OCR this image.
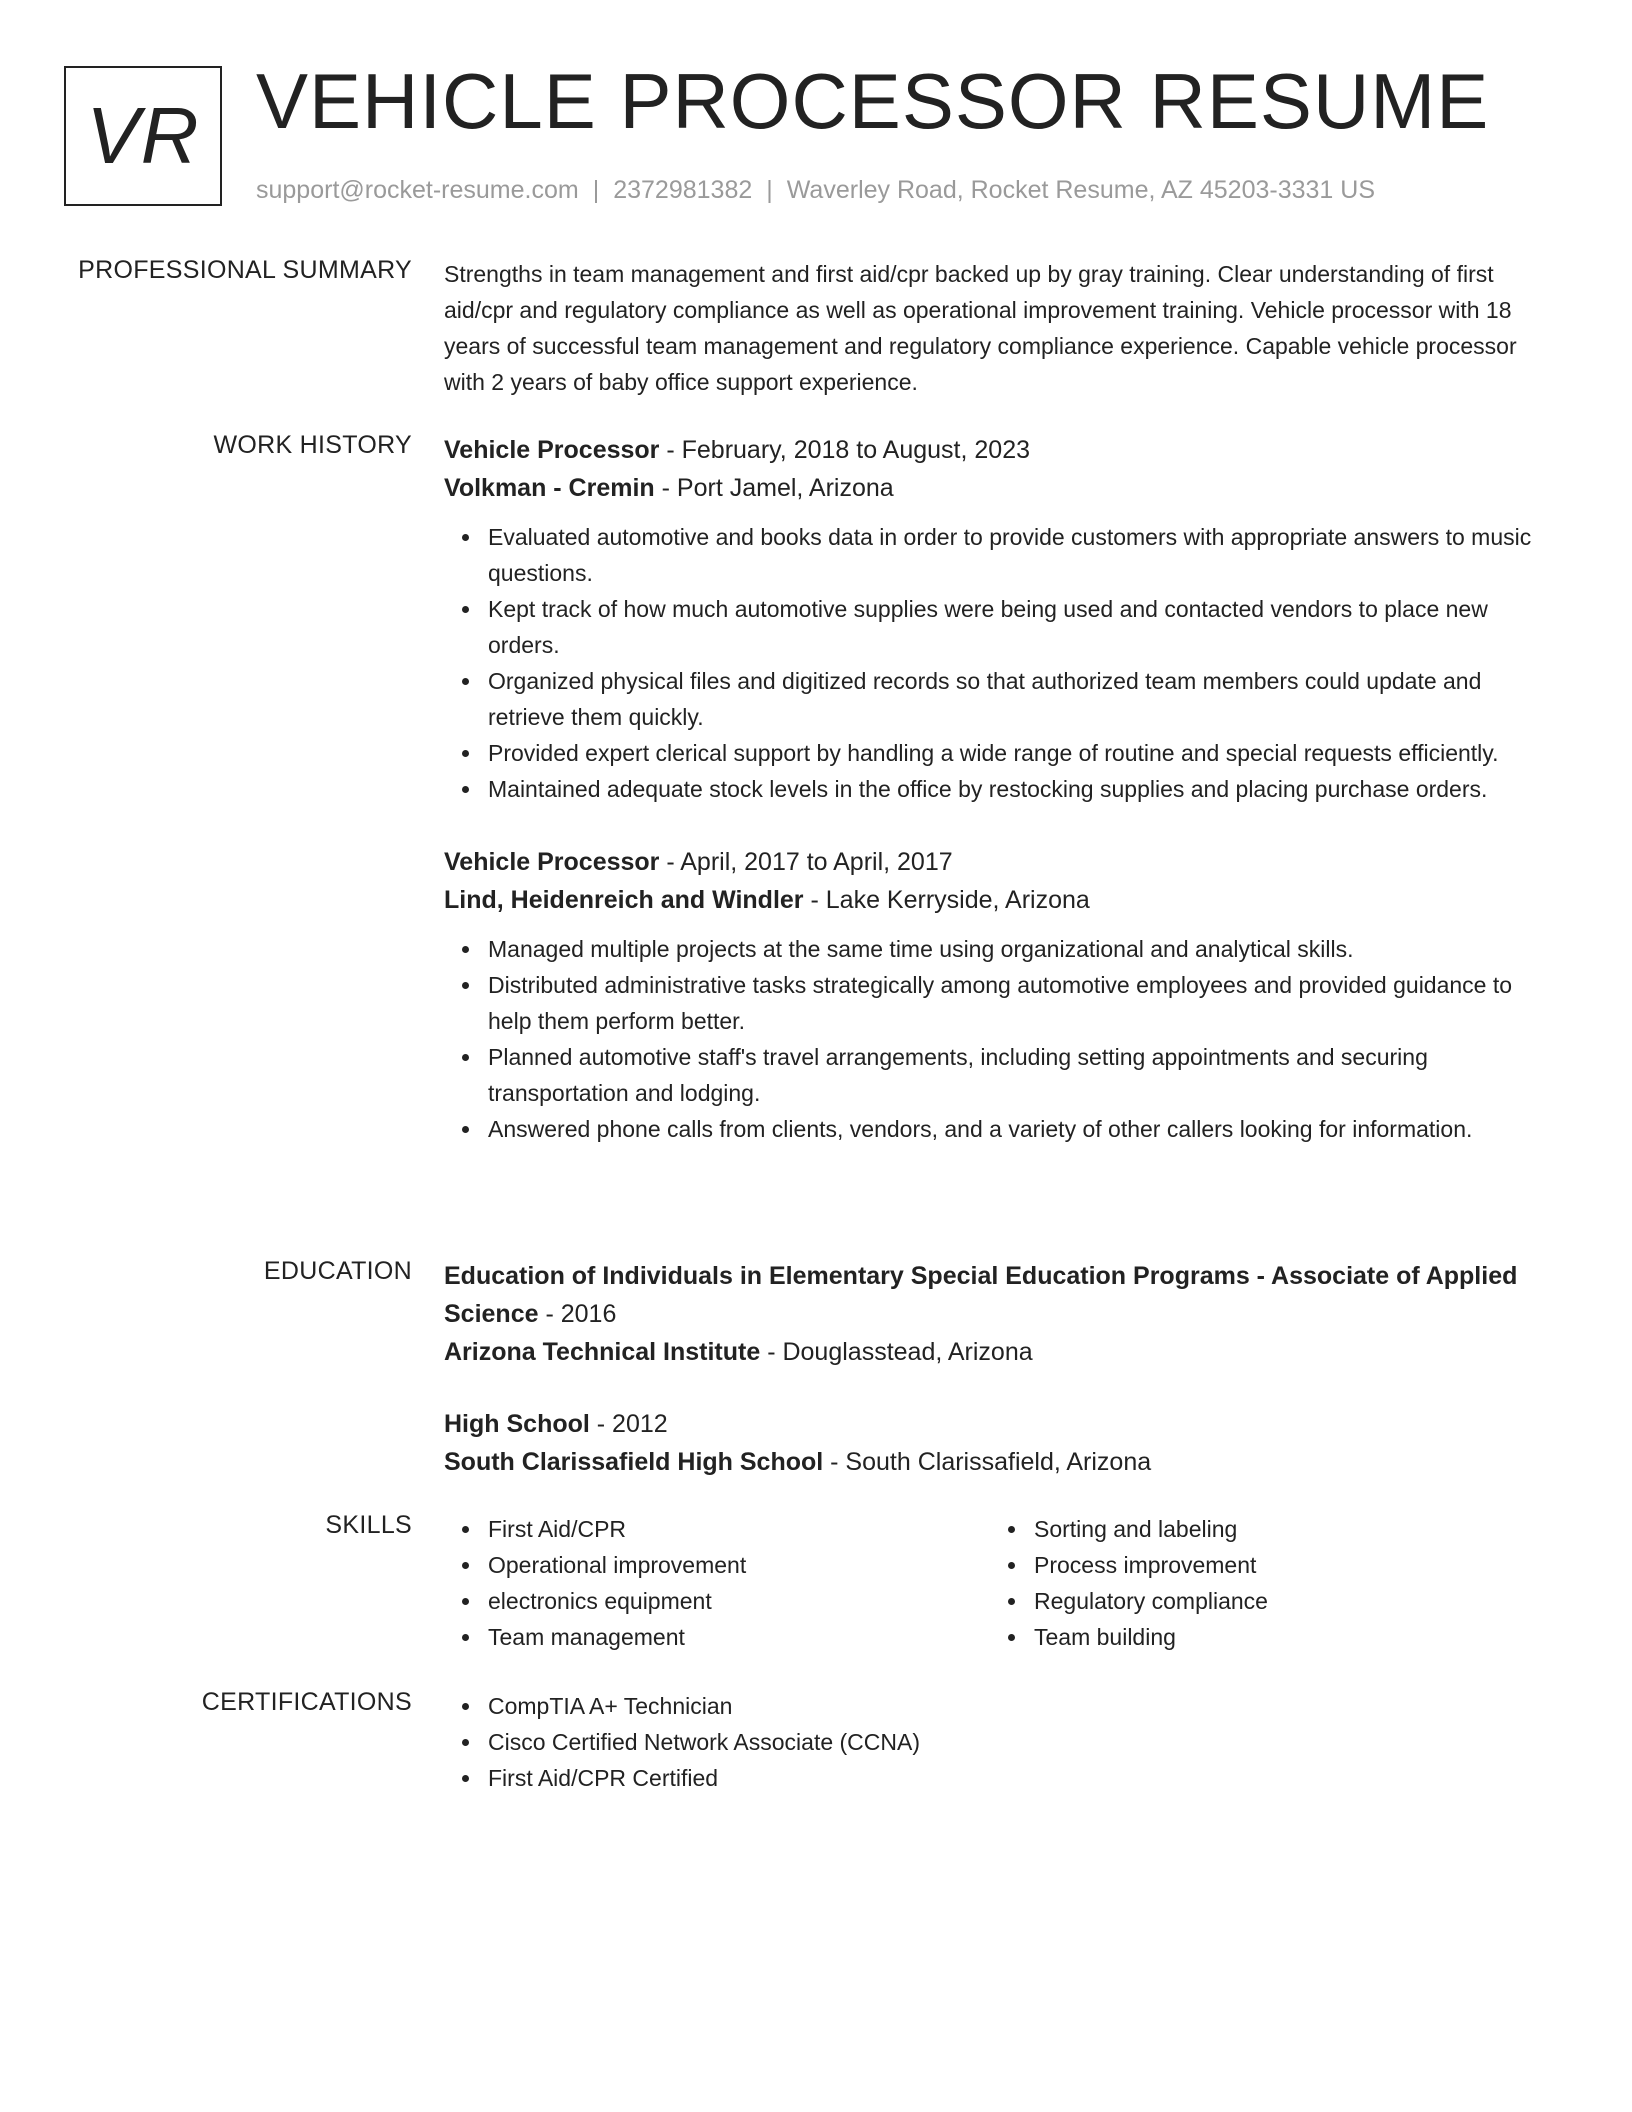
VR VEHICLE PROCESSOR RESUME
support@rocket-resume.com | 2372981382 | Waverley Road, Rocket Resume, AZ 45203-3331 US
PROFESSIONAL SUMMARY Strengths in team management and first aid/cpr backed up by gray training. Clear understanding of first aid/cpr and regulatory compliance as well as operational improvement training. Vehicle processor with 18 years of successful team management and regulatory compliance experience. Capable vehicle processor with 2 years of baby office support experience.

WORK HISTORY Vehicle Processor - February, 2018 to August, 2023
Volkman - Cremin - Port Jamel, Arizona
Evaluated automotive and books data in order to provide customers with appropriate answers to music questions.
Kept track of how much automotive supplies were being used and contacted vendors to place new orders.
Organized physical files and digitized records so that authorized team members could update and retrieve them quickly.
Provided expert clerical support by handling a wide range of routine and special requests efficiently.
Maintained adequate stock levels in the office by restocking supplies and placing purchase orders.
Vehicle Processor - April, 2017 to April, 2017
Lind, Heidenreich and Windler - Lake Kerryside, Arizona
Managed multiple projects at the same time using organizational and analytical skills.
Distributed administrative tasks strategically among automotive employees and provided guidance to help them perform better.
Planned automotive staff's travel arrangements, including setting appointments and securing transportation and lodging.
Answered phone calls from clients, vendors, and a variety of other callers looking for information.
EDUCATION Education of Individuals in Elementary Special Education Programs - Associate of Applied Science - 2016
Arizona Technical Institute - Douglasstead, Arizona
High School - 2012
South Clarissafield High School - South Clarissafield, Arizona
SKILLS	First Aid/CPR
Operational improvement
electronics equipment
Team management
Sorting and labeling
Process improvement
Regulatory compliance
Team building
CERTIFICATIONS	CompTIA A+ Technician
Cisco Certified Network Associate (CCNA)
First Aid/CPR Certified
